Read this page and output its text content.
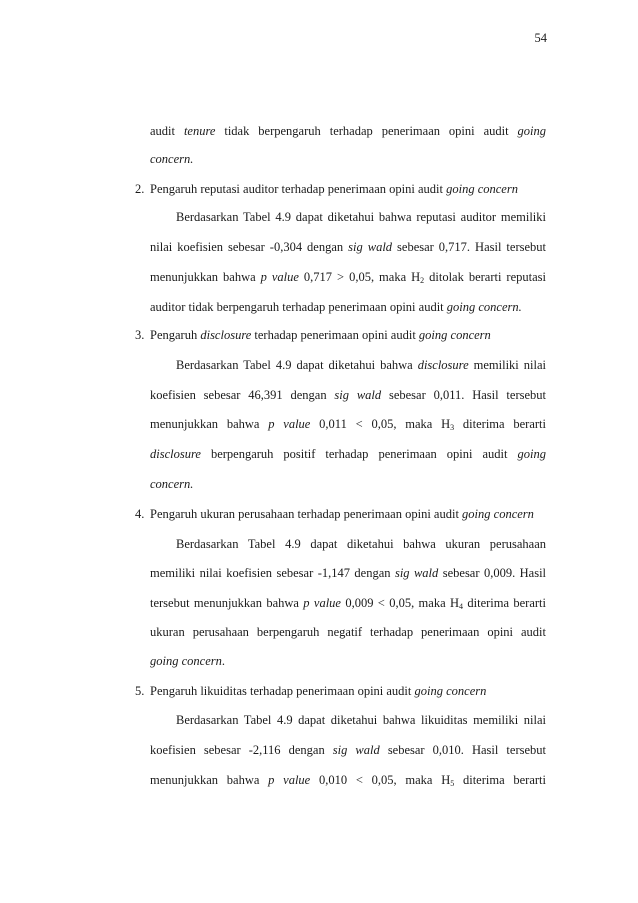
54
audit tenure tidak berpengaruh terhadap penerimaan opini audit going
concern.
2. Pengaruh reputasi auditor terhadap penerimaan opini audit going concern
Berdasarkan Tabel 4.9 dapat diketahui bahwa reputasi auditor memiliki
nilai koefisien sebesar -0,304 dengan sig wald sebesar 0,717. Hasil tersebut
menunjukkan bahwa p value 0,717 > 0,05, maka $H_2$ ditolak berarti reputasi
auditor tidak berpengaruh terhadap penerimaan opini audit going concern.
3. Pengaruh disclosure terhadap penerimaan opini audit going concern
Berdasarkan Tabel 4.9 dapat diketahui bahwa disclosure memiliki nilai
koefisien sebesar 46,391 dengan sig wald sebesar 0,011. Hasil tersebut
menunjukkan bahwa p value 0,011 < 0,05, maka $H_3$ diterima berarti
disclosure berpengaruh positif terhadap penerimaan opini audit going
concern.
4. Pengaruh ukuran perusahaan terhadap penerimaan opini audit going concern
Berdasarkan Tabel 4.9 dapat diketahui bahwa ukuran perusahaan
memiliki nilai koefisien sebesar -1,147 dengan sig wald sebesar 0,009. Hasil
tersebut menunjukkan bahwa p value 0,009 < 0,05, maka $H_4$ diterima berarti
ukuran perusahaan berpengaruh negatif terhadap penerimaan opini audit
going concern.
5. Pengaruh likuiditas terhadap penerimaan opini audit going concern
Berdasarkan Tabel 4.9 dapat diketahui bahwa likuiditas memiliki nilai
koefisien sebesar -2,116 dengan sig wald sebesar 0,010. Hasil tersebut
menunjukkan bahwa p value 0,010 < 0,05, maka $H_5$ diterima berarti
